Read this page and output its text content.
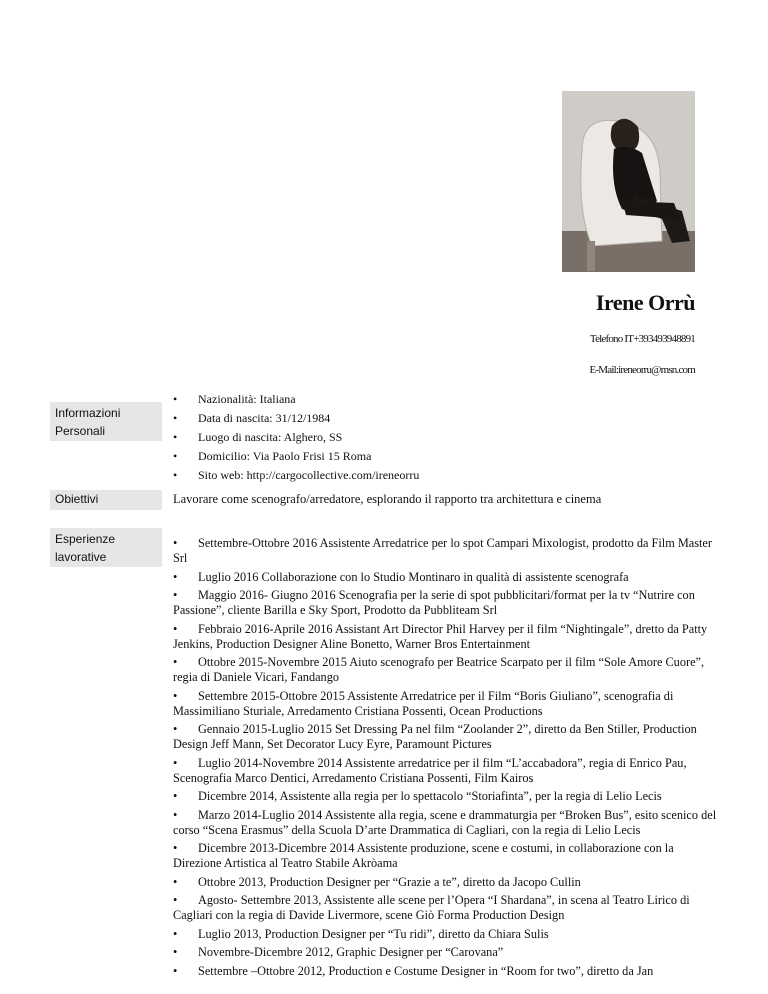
Irene Orrù
Telefono IT+393493948891
E-Mail:ireneorru@msn.com
Informazioni
Personali
• Nazionalità: Italiana
• Data di nascita: 31/12/1984
• Luogo di nascita: Alghero, SS
• Domicilio: Via Paolo Frisi 15 Roma
• Sito web: http://cargocollective.com/ireneorru
Obiettivi	Lavorare come scenografo/arredatore, esplorando il rapporto tra architettura e cinema
Esperienze
lavorative
• Settembre-Ottobre 2016 Assistente Arredatrice per lo spot Campari Mixologist, prodotto da Film Master Srl
• Luglio 2016 Collaborazione con lo Studio Montinaro in qualità di assistente scenografa
• Maggio 2016- Giugno 2016 Scenografia per la serie di spot pubblicitari/format per la tv “Nutrire con Passione”, cliente Barilla e Sky Sport, Prodotto da Pubbliteam Srl
• Febbraio 2016-Aprile 2016 Assistant Art Director Phil Harvey per il film “Nightingale”, dretto da Patty Jenkins, Production Designer Aline Bonetto, Warner Bros Entertainment
• Ottobre 2015-Novembre 2015 Aiuto scenografo per Beatrice Scarpato per il film “Sole Amore Cuore”, regia di Daniele Vicari, Fandango
• Settembre 2015-Ottobre 2015 Assistente Arredatrice per il Film “Boris Giuliano”, scenografia di Massimiliano Sturiale, Arredamento Cristiana Possenti, Ocean Productions
• Gennaio 2015-Luglio 2015 Set Dressing Pa nel film “Zoolander 2”, diretto da Ben Stiller, Production Design Jeff Mann, Set Decorator Lucy Eyre, Paramount Pictures
• Luglio 2014-Novembre 2014 Assistente arredatrice per il film “L’accabadora”, regia di Enrico Pau, Scenografia Marco Dentici, Arredamento Cristiana Possenti, Film Kairos
• Dicembre 2014, Assistente alla regia per lo spettacolo “Storiafinta”, per la regia di Lelio Lecis
• Marzo 2014-Luglio 2014 Assistente alla regia, scene e drammaturgia per “Broken Bus”, esito scenico del corso “Scena Erasmus” della Scuola D’arte Drammatica di Cagliari, con la regia di Lelio Lecis
• Dicembre 2013-Dicembre 2014 Assistente produzione, scene e costumi, in collaborazione con la Direzione Artistica al Teatro Stabile Akròama
• Ottobre 2013, Production Designer per “Grazie a te”, diretto da Jacopo Cullin
• Agosto- Settembre 2013, Assistente alle scene per l’Opera “I Shardana”, in scena al Teatro Lirico di Cagliari con la regia di Davide Livermore, scene Giò Forma Production Design
• Luglio 2013, Production Designer per “Tu ridi”, diretto da Chiara Sulis
• Novembre-Dicembre 2012, Graphic Designer per “Carovana”
• Settembre –Ottobre 2012, Production e Costume Designer in “Room for two”, diretto da Jan
